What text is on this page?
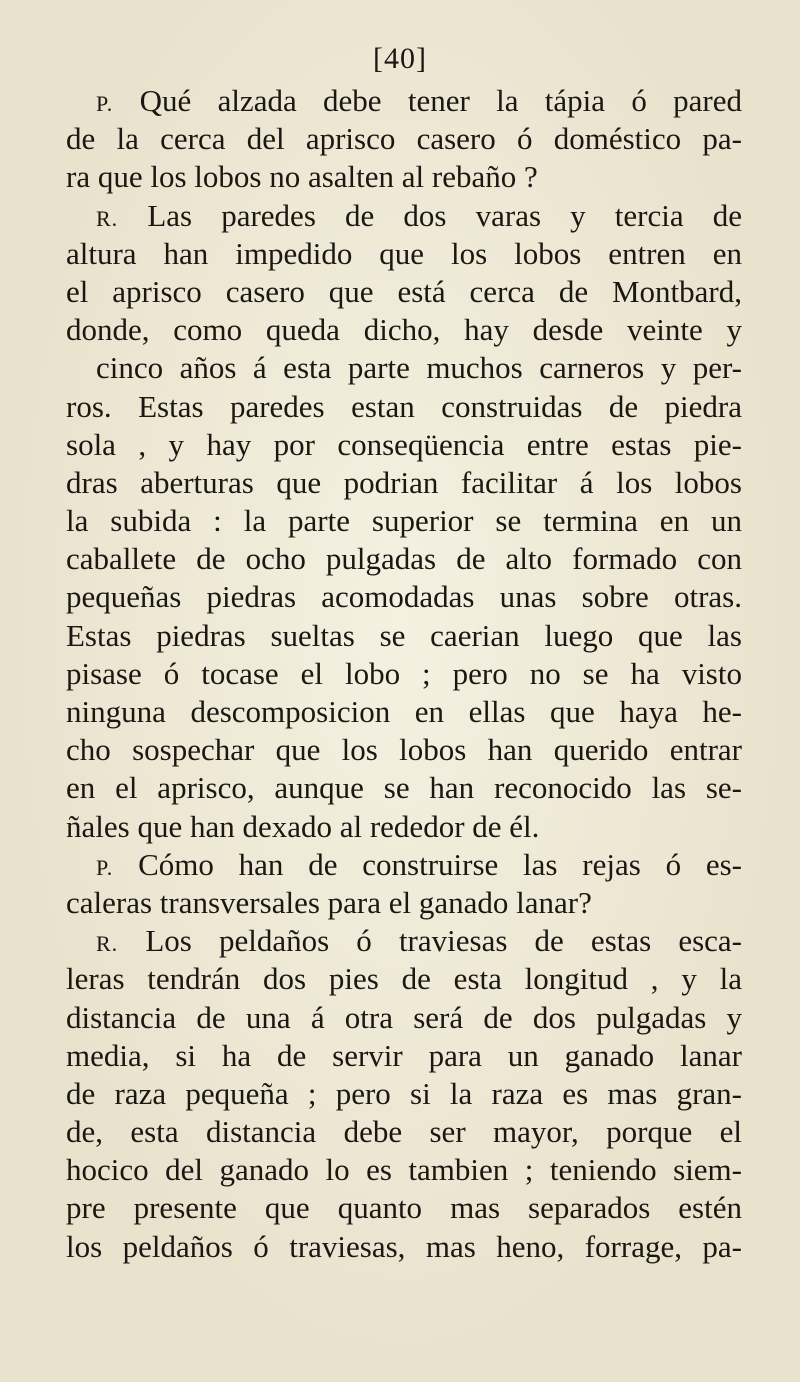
[40]
P. Qué alzada debe tener la tápia ó pared
de la cerca del aprisco casero ó doméstico pa-
ra que los lobos no asalten al rebaño ?
R. Las paredes de dos varas y tercia de
altura han impedido que los lobos entren en
el aprisco casero que está cerca de Montbard,
donde, como queda dicho, hay desde veinte y
cinco años á esta parte muchos carneros y per-
ros. Estas paredes estan construidas de piedra
sola , y hay por conseqüencia entre estas pie-
dras aberturas que podrian facilitar á los lobos
la subida : la parte superior se termina en un
caballete de ocho pulgadas de alto formado con
pequeñas piedras acomodadas unas sobre otras.
Estas piedras sueltas se caerian luego que las
pisase ó tocase el lobo ; pero no se ha visto
ninguna descomposicion en ellas que haya he-
cho sospechar que los lobos han querido entrar
en el aprisco, aunque se han reconocido las se-
ñales que han dexado al rededor de él.
P. Cómo han de construirse las rejas ó es-
caleras transversales para el ganado lanar?
R. Los peldaños ó traviesas de estas esca-
leras tendrán dos pies de esta longitud , y la
distancia de una á otra será de dos pulgadas y
media, si ha de servir para un ganado lanar
de raza pequeña ; pero si la raza es mas gran-
de, esta distancia debe ser mayor, porque el
hocico del ganado lo es tambien ; teniendo siem-
pre presente que quanto mas separados estén
los peldaños ó traviesas, mas heno, forrage, pa-
